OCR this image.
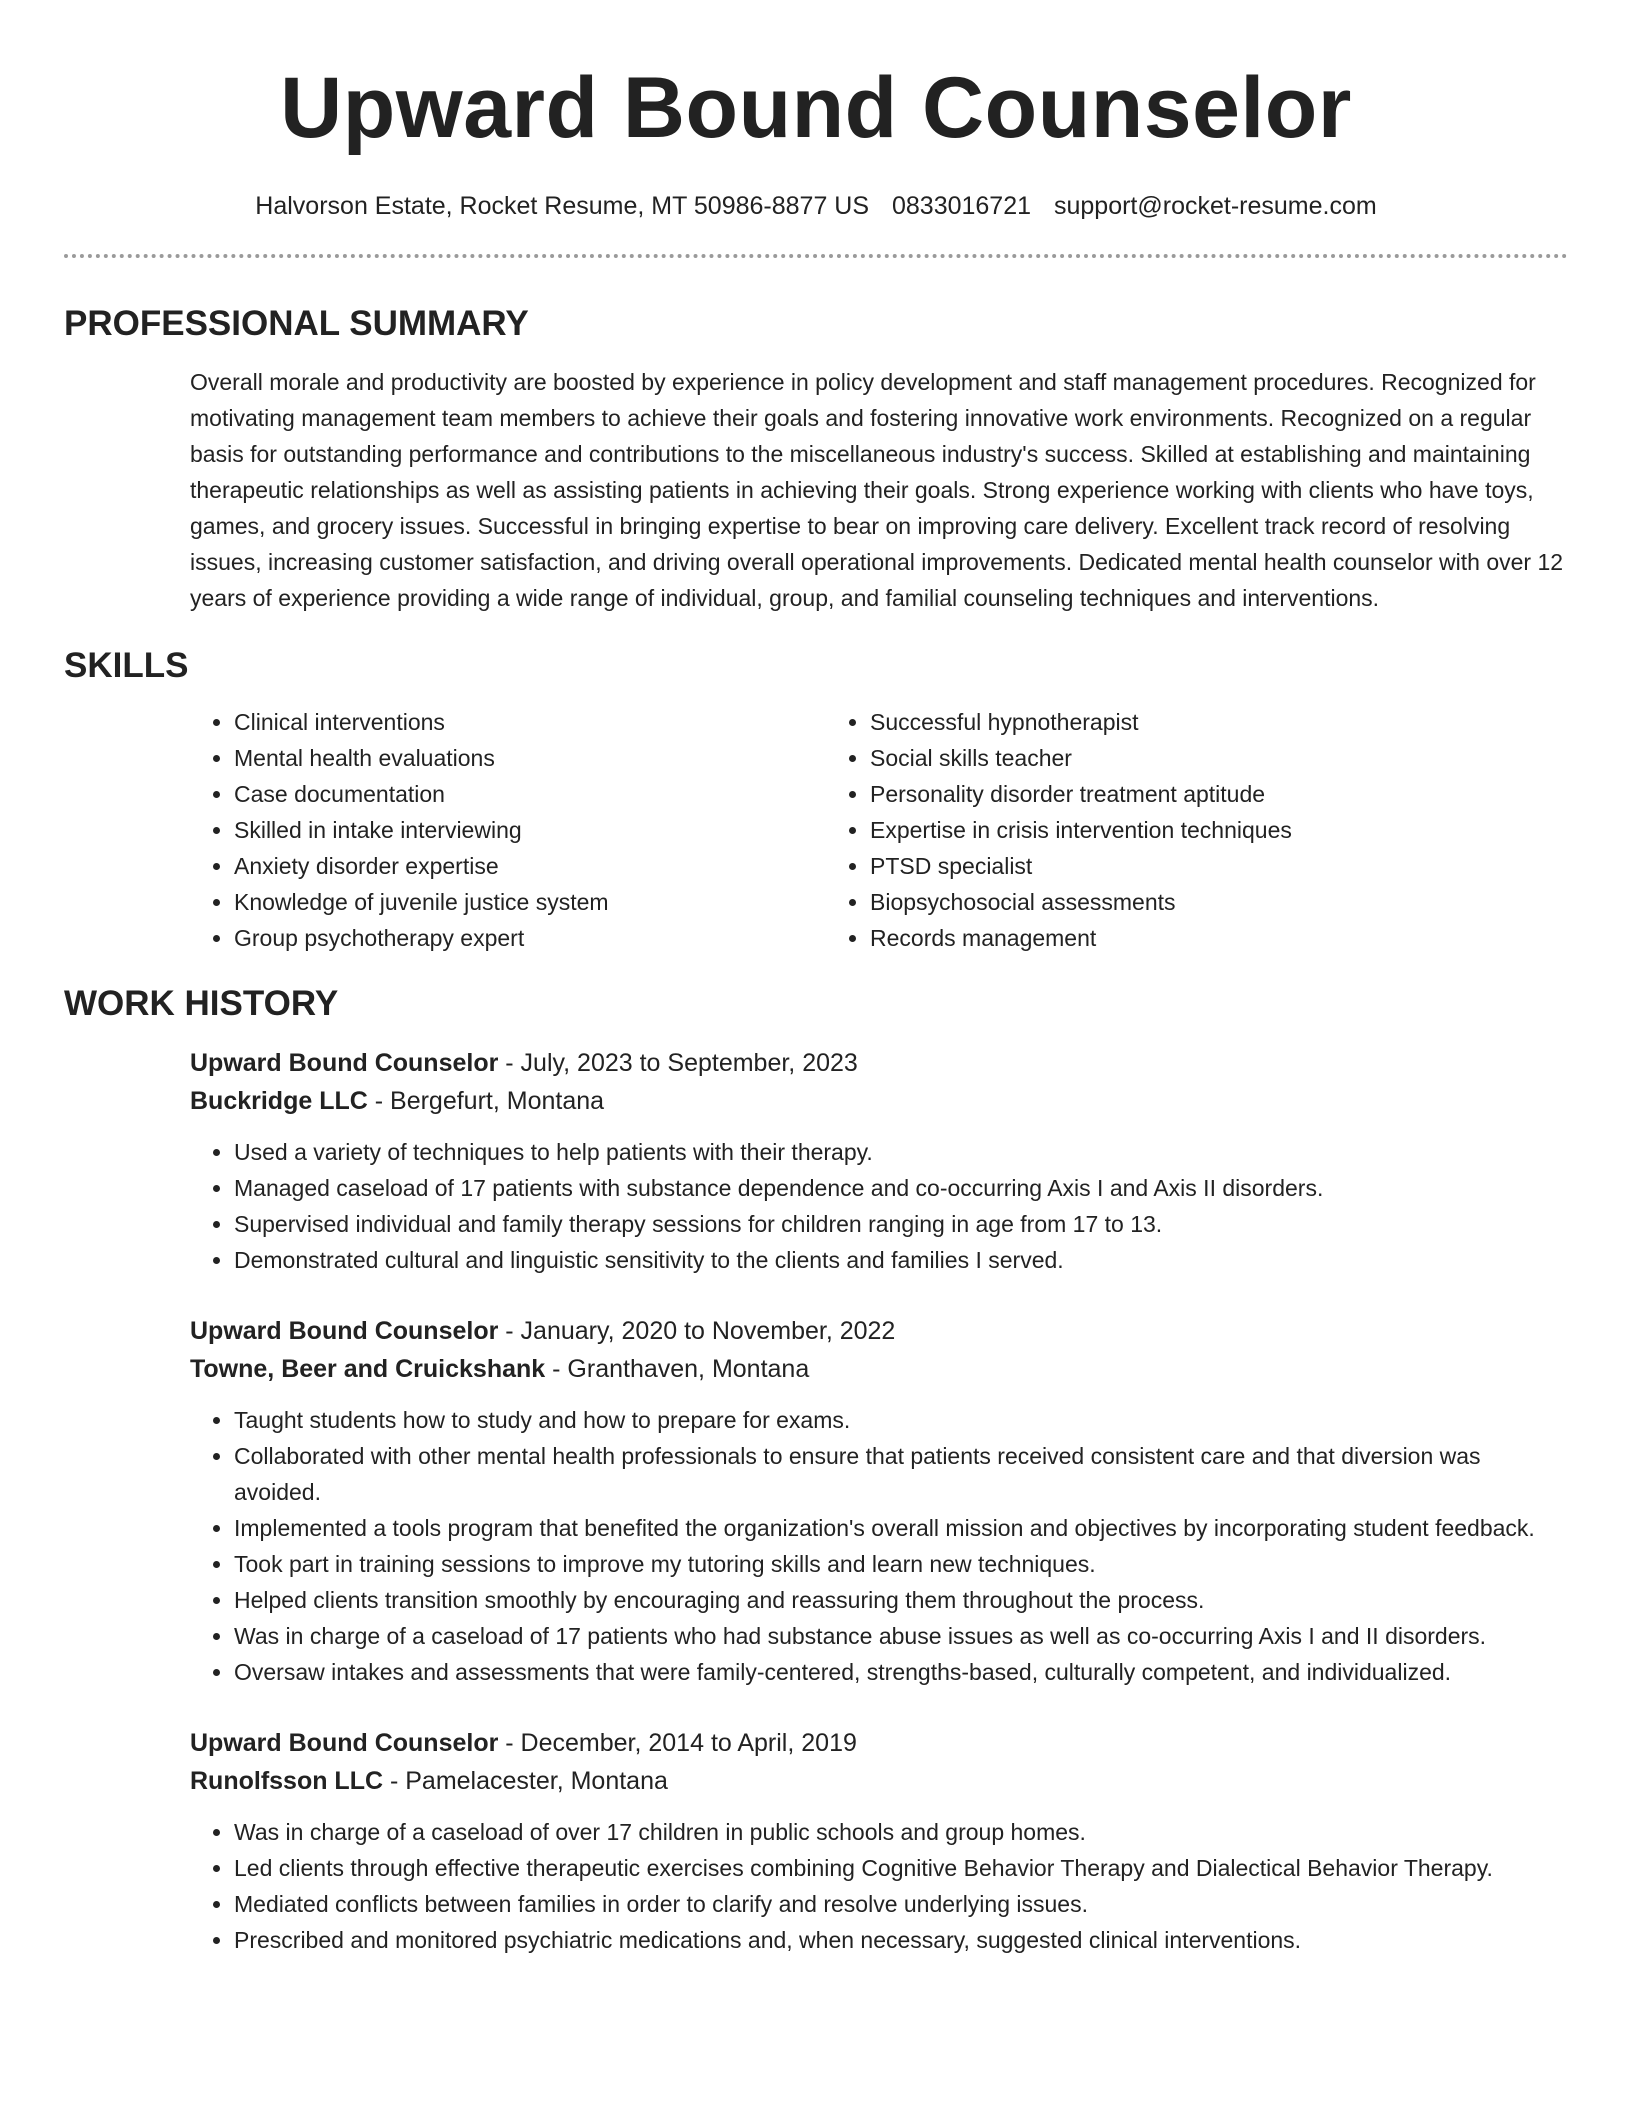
Upward Bound Counselor
Halvorson Estate, Rocket Resume, MT 50986-8877 US 0833016721 support@rocket-resume.com
PROFESSIONAL SUMMARY

Overall morale and productivity are boosted by experience in policy development and staff management procedures. Recognized for motivating management team members to achieve their goals and fostering innovative work environments. Recognized on a regular basis for outstanding performance and contributions to the miscellaneous industry's success. Skilled at establishing and maintaining therapeutic relationships as well as assisting patients in achieving their goals. Strong experience working with clients who have toys, games, and grocery issues. Successful in bringing expertise to bear on improving care delivery. Excellent track record of resolving issues, increasing customer satisfaction, and driving overall operational improvements. Dedicated mental health counselor with over 12 years of experience providing a wide range of individual, group, and familial counseling techniques and interventions.

SKILLS
• Clinical interventions
• Mental health evaluations
• Case documentation
• Skilled in intake interviewing
• Anxiety disorder expertise
• Knowledge of juvenile justice system
• Group psychotherapy expert
• Successful hypnotherapist
• Social skills teacher
• Personality disorder treatment aptitude
• Expertise in crisis intervention techniques
• PTSD specialist
• Biopsychosocial assessments
• Records management
WORK HISTORY
Upward Bound Counselor - July, 2023 to September, 2023
Buckridge LLC - Bergefurt, Montana
• Used a variety of techniques to help patients with their therapy.
• Managed caseload of 17 patients with substance dependence and co-occurring Axis I and Axis II disorders.
• Supervised individual and family therapy sessions for children ranging in age from 17 to 13.
• Demonstrated cultural and linguistic sensitivity to the clients and families I served.
Upward Bound Counselor - January, 2020 to November, 2022
Towne, Beer and Cruickshank - Granthaven, Montana
• Taught students how to study and how to prepare for exams.
• Collaborated with other mental health professionals to ensure that patients received consistent care and that diversion was avoided.
• Implemented a tools program that benefited the organization's overall mission and objectives by incorporating student feedback.
• Took part in training sessions to improve my tutoring skills and learn new techniques.
• Helped clients transition smoothly by encouraging and reassuring them throughout the process.
• Was in charge of a caseload of 17 patients who had substance abuse issues as well as co-occurring Axis I and II disorders.
• Oversaw intakes and assessments that were family-centered, strengths-based, culturally competent, and individualized.
Upward Bound Counselor - December, 2014 to April, 2019
Runolfsson LLC - Pamelacester, Montana
• Was in charge of a caseload of over 17 children in public schools and group homes.
• Led clients through effective therapeutic exercises combining Cognitive Behavior Therapy and Dialectical Behavior Therapy.
• Mediated conflicts between families in order to clarify and resolve underlying issues.
• Prescribed and monitored psychiatric medications and, when necessary, suggested clinical interventions.
